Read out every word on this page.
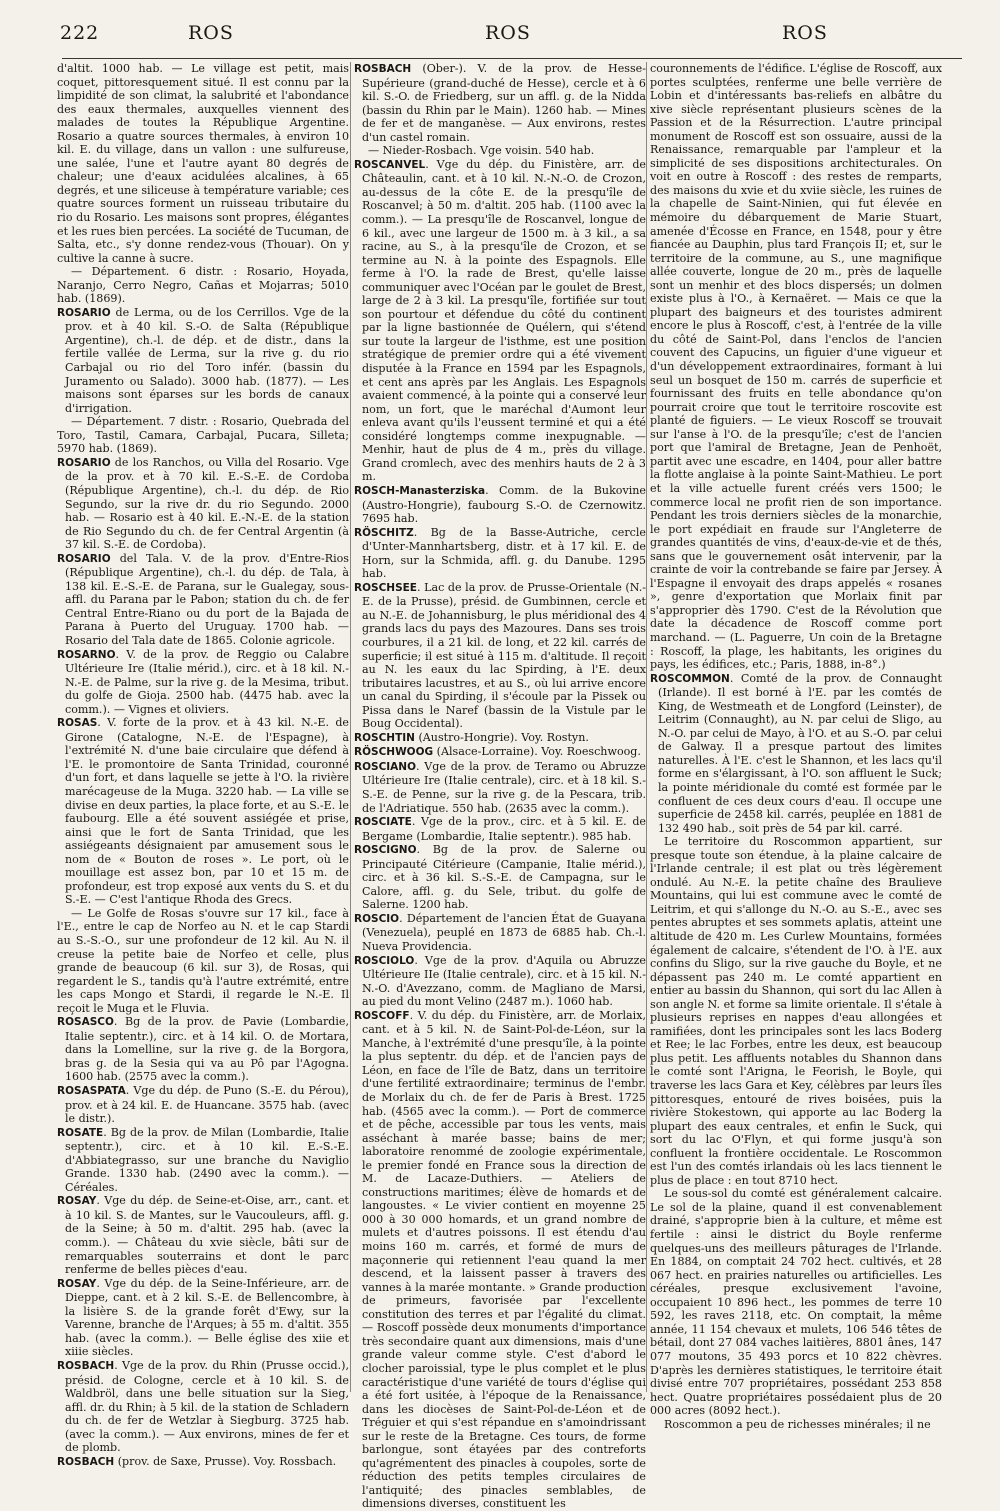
222	ROS	ROS	ROS

d'altit. 1000 hab. — Le village est petit, mais coquet, pittoresquement situé. Il est connu par la limpidité de son climat, la salubrité et l'abondance des eaux thermales, auxquelles viennent des malades de toutes la République Argentine. Rosario a quatre sources thermales, à environ 10 kil. E. du village, dans un vallon : une sulfureuse, une salée, l'une et l'autre ayant 80 degrés de chaleur; une d'eaux acidulées alcalines, à 65 degrés, et une siliceuse à température variable; ces quatre sources forment un ruisseau tributaire du rio du Rosario. Les maisons sont propres, élégantes et les rues bien percées. La société de Tucuman, de Salta, etc., s'y donne rendez-vous (Thouar). On y cultive la canne à sucre.

— Département. 6 distr. : Rosario, Hoyada, Naranjo, Cerro Negro, Cañas et Mojarras; 5010 hab. (1869).

ROSARIO de Lerma, ou de los Cerrillos. Vge de la prov. et à 40 kil. S.-O. de Salta (République Argentine), ch.-l. de dép. et de distr., dans la fertile vallée de Lerma, sur la rive g. du rio Carbajal ou rio del Toro infér. (bassin du Juramento ou Salado). 3000 hab. (1877). — Les maisons sont éparses sur les bords de canaux d'irrigation.

— Département. 7 distr. : Rosario, Quebrada del Toro, Tastil, Camara, Carbajal, Pucara, Silleta; 5970 hab. (1869).

ROSARIO de los Ranchos, ou Villa del Rosario. Vge de la prov. et à 70 kil. E.-S.-E. de Cordoba (République Argentine), ch.-l. du dép. de Rio Segundo, sur la rive dr. du rio Segundo. 2000 hab. — Rosario est à 40 kil. E.-N.-E. de la station de Rio Segundo du ch. de fer Central Argentin (à 37 kil. S.-E. de Cordoba).

ROSARIO del Tala. V. de la prov. d'Entre-Rios (République Argentine), ch.-l. du dép. de Tala, à 138 kil. E.-S.-E. de Parana, sur le Gualegay, sous-affl. du Parana par le Pabon; station du ch. de fer Central Entre-Riano ou du port de la Bajada de Parana à Puerto del Uruguay. 1700 hab. — Rosario del Tala date de 1865. Colonie agricole.

ROSARNO. V. de la prov. de Reggio ou Calabre Ultérieure Ire (Italie mérid.), circ. et à 18 kil. N.-N.-E. de Palme, sur la rive g. de la Mesima, tribut. du golfe de Gioja. 2500 hab. (4475 hab. avec la comm.). — Vignes et oliviers.

ROSAS. V. forte de la prov. et à 43 kil. N.-E. de Girone (Catalogne, N.-E. de l'Espagne), à l'extrémité N. d'une baie circulaire que défend à l'E. le promontoire de Santa Trinidad, couronné d'un fort, et dans laquelle se jette à l'O. la rivière marécageuse de la Muga. 3220 hab. — La ville se divise en deux parties, la place forte, et au S.-E. le faubourg. Elle a été souvent assiégée et prise, ainsi que le fort de Santa Trinidad, que les assiégeants désignaient par amusement sous le nom de « Bouton de roses ». Le port, où le mouillage est assez bon, par 10 et 15 m. de profondeur, est trop exposé aux vents du S. et du S.-E. — C'est l'antique Rhoda des Grecs.

— Le Golfe de Rosas s'ouvre sur 17 kil., face à l'E., entre le cap de Norfeo au N. et le cap Stardi au S.-S.-O., sur une profondeur de 12 kil. Au N. il creuse la petite baie de Norfeo et celle, plus grande de beaucoup (6 kil. sur 3), de Rosas, qui regardent le S., tandis qu'à l'autre extrémité, entre les caps Mongo et Stardi, il regarde le N.-E. Il reçoit le Muga et le Fluvia.

ROSASCO. Bg de la prov. de Pavie (Lombardie, Italie septentr.), circ. et à 14 kil. O. de Mortara, dans la Lomelline, sur la rive g. de la Borgora, bras g. de la Sesia qui va au Pô par l'Agogna. 1600 hab. (2575 avec la comm.).

ROSASPATA. Vge du dép. de Puno (S.-E. du Pérou), prov. et à 24 kil. E. de Huancane. 3575 hab. (avec le distr.).

ROSATE. Bg de la prov. de Milan (Lombardie, Italie septentr.), circ. et à 10 kil. E.-S.-E. d'Abbiategrasso, sur une branche du Naviglio Grande. 1330 hab. (2490 avec la comm.). — Céréales.

ROSAY. Vge du dép. de Seine-et-Oise, arr., cant. et à 10 kil. S. de Mantes, sur le Vaucouleurs, affl. g. de la Seine; à 50 m. d'altit. 295 hab. (avec la comm.). — Château du xvie siècle, bâti sur de remarquables souterrains et dont le parc renferme de belles pièces d'eau.

ROSAY. Vge du dép. de la Seine-Inférieure, arr. de Dieppe, cant. et à 2 kil. S.-E. de Bellencombre, à la lisière S. de la grande forêt d'Ewy, sur la Varenne, branche de l'Arques; à 55 m. d'altit. 355 hab. (avec la comm.). — Belle église des xiie et xiiie siècles.

ROSBACH. Vge de la prov. du Rhin (Prusse occid.), présid. de Cologne, cercle et à 10 kil. S. de Waldbröl, dans une belle situation sur la Sieg, affl. dr. du Rhin; à 5 kil. de la station de Schladern du ch. de fer de Wetzlar à Siegburg. 3725 hab. (avec la comm.). — Aux environs, mines de fer et de plomb.

ROSBACH (prov. de Saxe, Prusse). Voy. Rossbach.

ROSBACH (Ober-). V. de la prov. de Hesse-Supérieure (grand-duché de Hesse), cercle et à 6 kil. S.-O. de Friedberg, sur un affl. g. de la Nidda (bassin du Rhin par le Main). 1260 hab. — Mines de fer et de manganèse. — Aux environs, restes d'un castel romain.

— Nieder-Rosbach. Vge voisin. 540 hab.

ROSCANVEL. Vge du dép. du Finistère, arr. de Châteaulin, cant. et à 10 kil. N.-N.-O. de Crozon, au-dessus de la côte E. de la presqu'île de Roscanvel; à 50 m. d'altit. 205 hab. (1100 avec la comm.). — La presqu'île de Roscanvel, longue de 6 kil., avec une largeur de 1500 m. à 3 kil., a sa racine, au S., à la presqu'île de Crozon, et se termine au N. à la pointe des Espagnols. Elle ferme à l'O. la rade de Brest, qu'elle laisse communiquer avec l'Océan par le goulet de Brest, large de 2 à 3 kil. La presqu'île, fortifiée sur tout son pourtour et défendue du côté du continent par la ligne bastionnée de Quélern, qui s'étend sur toute la largeur de l'isthme, est une position stratégique de premier ordre qui a été vivement disputée à la France en 1594 par les Espagnols, et cent ans après par les Anglais. Les Espagnols avaient commencé, à la pointe qui a conservé leur nom, un fort, que le maréchal d'Aumont leur enleva avant qu'ils l'eussent terminé et qui a été considéré longtemps comme inexpugnable. — Menhir, haut de plus de 4 m., près du village. Grand cromlech, avec des menhirs hauts de 2 à 3 m.

ROSCH-Manasterziska. Comm. de la Bukovine (Austro-Hongrie), faubourg S.-O. de Czernowitz. 7695 hab.

RÖSCHITZ. Bg de la Basse-Autriche, cercle d'Unter-Mannhartsberg, distr. et à 17 kil. E. de Horn, sur la Schmida, affl. g. du Danube. 1295 hab.

ROSCHSEE. Lac de la prov. de Prusse-Orientale (N.-E. de la Prusse), présid. de Gumbinnen, cercle et au N.-E. de Johannisburg, le plus méridional des 4 grands lacs du pays des Mazoures. Dans ses trois courbures, il a 21 kil. de long, et 22 kil. carrés de superficie; il est situé à 115 m. d'altitude. Il reçoit au N. les eaux du lac Spirding, à l'E. deux tributaires lacustres, et au S., où lui arrive encore un canal du Spirding, il s'écoule par la Pissek ou Pissa dans le Naref (bassin de la Vistule par le Boug Occidental).

ROSCHTIN (Austro-Hongrie). Voy. Rostyn.

RÖSCHWOOG (Alsace-Lorraine). Voy. Roeschwoog.

ROSCIANO. Vge de la prov. de Teramo ou Abruzze Ultérieure Ire (Italie centrale), circ. et à 18 kil. S.-S.-E. de Penne, sur la rive g. de la Pescara, trib. de l'Adriatique. 550 hab. (2635 avec la comm.).

ROSCIATE. Vge de la prov., circ. et à 5 kil. E. de Bergame (Lombardie, Italie septentr.). 985 hab.

ROSCIGNO. Bg de la prov. de Salerne ou Principauté Citérieure (Campanie, Italie mérid.), circ. et à 36 kil. S.-S.-E. de Campagna, sur le Calore, affl. g. du Sele, tribut. du golfe de Salerne. 1200 hab.

ROSCIO. Département de l'ancien État de Guayana (Venezuela), peuplé en 1873 de 6885 hab. Ch.-l. Nueva Providencia.

ROSCIOLO. Vge de la prov. d'Aquila ou Abruzze Ultérieure IIe (Italie centrale), circ. et à 15 kil. N.-N.-O. d'Avezzano, comm. de Magliano de Marsi, au pied du mont Velino (2487 m.). 1060 hab.

ROSCOFF. V. du dép. du Finistère, arr. de Morlaix, cant. et à 5 kil. N. de Saint-Pol-de-Léon, sur la Manche, à l'extrémité d'une presqu'île, à la pointe la plus septentr. du dép. et de l'ancien pays de Léon, en face de l'île de Batz, dans un territoire d'une fertilité extraordinaire; terminus de l'embr. de Morlaix du ch. de fer de Paris à Brest. 1725 hab. (4565 avec la comm.). — Port de commerce et de pêche, accessible par tous les vents, mais asséchant à marée basse; bains de mer; laboratoire renommé de zoologie expérimentale, le premier fondé en France sous la direction de M. de Lacaze-Duthiers. — Ateliers de constructions maritimes; élève de homards et de langoustes. « Le vivier contient en moyenne 25 000 à 30 000 homards, et un grand nombre de mulets et d'autres poissons. Il est étendu d'au moins 160 m. carrés, et formé de murs de maçonnerie qui retiennent l'eau quand la mer descend, et la laissent passer à travers des vannes à la marée montante. » Grande production de primeurs, favorisée par l'excellente constitution des terres et par l'égalité du climat. — Roscoff possède deux monuments d'importance très secondaire quant aux dimensions, mais d'une grande valeur comme style. C'est d'abord le clocher paroissial, type le plus complet et le plus caractéristique d'une variété de tours d'église qui a été fort usitée, à l'époque de la Renaissance, dans les diocèses de Saint-Pol-de-Léon et de Tréguier et qui s'est répandue en s'amoindrissant sur le reste de la Bretagne. Ces tours, de forme barlongue, sont étayées par des contreforts qu'agrémentent des pinacles à coupoles, sorte de réduction des petits temples circulaires de l'antiquité; des pinacles semblables, de dimensions diverses, constituent les

couronnements de l'édifice. L'église de Roscoff, aux portes sculptées, renferme une belle verrière de Lobin et d'intéressants bas-reliefs en albâtre du xive siècle représentant plusieurs scènes de la Passion et de la Résurrection. L'autre principal monument de Roscoff est son ossuaire, aussi de la Renaissance, remarquable par l'ampleur et la simplicité de ses dispositions architecturales. On voit en outre à Roscoff : des restes de remparts, des maisons du xvie et du xviie siècle, les ruines de la chapelle de Saint-Ninien, qui fut élevée en mémoire du débarquement de Marie Stuart, amenée d'Écosse en France, en 1548, pour y être fiancée au Dauphin, plus tard François II; et, sur le territoire de la commune, au S., une magnifique allée couverte, longue de 20 m., près de laquelle sont un menhir et des blocs dispersés; un dolmen existe plus à l'O., à Kernaëret. — Mais ce que la plupart des baigneurs et des touristes admirent encore le plus à Roscoff, c'est, à l'entrée de la ville du côté de Saint-Pol, dans l'enclos de l'ancien couvent des Capucins, un figuier d'une vigueur et d'un développement extraordinaires, formant à lui seul un bosquet de 150 m. carrés de superficie et fournissant des fruits en telle abondance qu'on pourrait croire que tout le territoire roscovite est planté de figuiers. — Le vieux Roscoff se trouvait sur l'anse à l'O. de la presqu'île; c'est de l'ancien port que l'amiral de Bretagne, Jean de Penhoët, partit avec une escadre, en 1404, pour aller battre la flotte anglaise à la pointe Saint-Mathieu. Le port et la ville actuelle furent créés vers 1500; le commerce local ne profit rien de son importance. Pendant les trois derniers siècles de la monarchie, le port expédiait en fraude sur l'Angleterre de grandes quantités de vins, d'eaux-de-vie et de thés, sans que le gouvernement osât intervenir, par la crainte de voir la contrebande se faire par Jersey. À l'Espagne il envoyait des draps appelés « rosanes », genre d'exportation que Morlaix finit par s'approprier dès 1790. C'est de la Révolution que date la décadence de Roscoff comme port marchand. — (L. Paguerre, Un coin de la Bretagne : Roscoff, la plage, les habitants, les origines du pays, les édifices, etc.; Paris, 1888, in-8°.)

ROSCOMMON. Comté de la prov. de Connaught (Irlande). Il est borné à l'E. par les comtés de King, de Westmeath et de Longford (Leinster), de Leitrim (Connaught), au N. par celui de Sligo, au N.-O. par celui de Mayo, à l'O. et au S.-O. par celui de Galway. Il a presque partout des limites naturelles. À l'E. c'est le Shannon, et les lacs qu'il forme en s'élargissant, à l'O. son affluent le Suck; la pointe méridionale du comté est formée par le confluent de ces deux cours d'eau. Il occupe une superficie de 2458 kil. carrés, peuplée en 1881 de 132 490 hab., soit près de 54 par kil. carré.

Le territoire du Roscommon appartient, sur presque toute son étendue, à la plaine calcaire de l'Irlande centrale; il est plat ou très légèrement ondulé. Au N.-E. la petite chaîne des Braulieve Mountains, qui lui est commune avec le comté de Leitrim, et qui s'allonge du N.-O. au S.-E., avec ses pentes abruptes et ses sommets aplatis, atteint une altitude de 420 m. Les Curlew Mountains, formées également de calcaire, s'étendent de l'O. à l'E. aux confins du Sligo, sur la rive gauche du Boyle, et ne dépassent pas 240 m. Le comté appartient en entier au bassin du Shannon, qui sort du lac Allen à son angle N. et forme sa limite orientale. Il s'étale à plusieurs reprises en nappes d'eau allongées et ramifiées, dont les principales sont les lacs Boderg et Ree; le lac Forbes, entre les deux, est beaucoup plus petit. Les affluents notables du Shannon dans le comté sont l'Arigna, le Feorish, le Boyle, qui traverse les lacs Gara et Key, célèbres par leurs îles pittoresques, entouré de rives boisées, puis la rivière Stokestown, qui apporte au lac Boderg la plupart des eaux centrales, et enfin le Suck, qui sort du lac O'Flyn, et qui forme jusqu'à son confluent la frontière occidentale. Le Roscommon est l'un des comtés irlandais où les lacs tiennent le plus de place : en tout 8710 hect.

Le sous-sol du comté est généralement calcaire. Le sol de la plaine, quand il est convenablement drainé, s'approprie bien à la culture, et même est fertile : ainsi le district du Boyle renferme quelques-uns des meilleurs pâturages de l'Irlande. En 1884, on comptait 24 702 hect. cultivés, et 28 067 hect. en prairies naturelles ou artificielles. Les céréales, presque exclusivement l'avoine, occupaient 10 896 hect., les pommes de terre 10 592, les raves 2118, etc. On comptait, la même année, 11 154 chevaux et mulets, 106 546 têtes de bétail, dont 27 084 vaches laitières, 8801 ânes, 147 077 moutons, 35 493 porcs et 10 822 chèvres. D'après les dernières statistiques, le territoire était divisé entre 707 propriétaires, possédant 253 858 hect. Quatre propriétaires possédaient plus de 20 000 acres (8092 hect.).

Roscommon a peu de richesses minérales; il ne
